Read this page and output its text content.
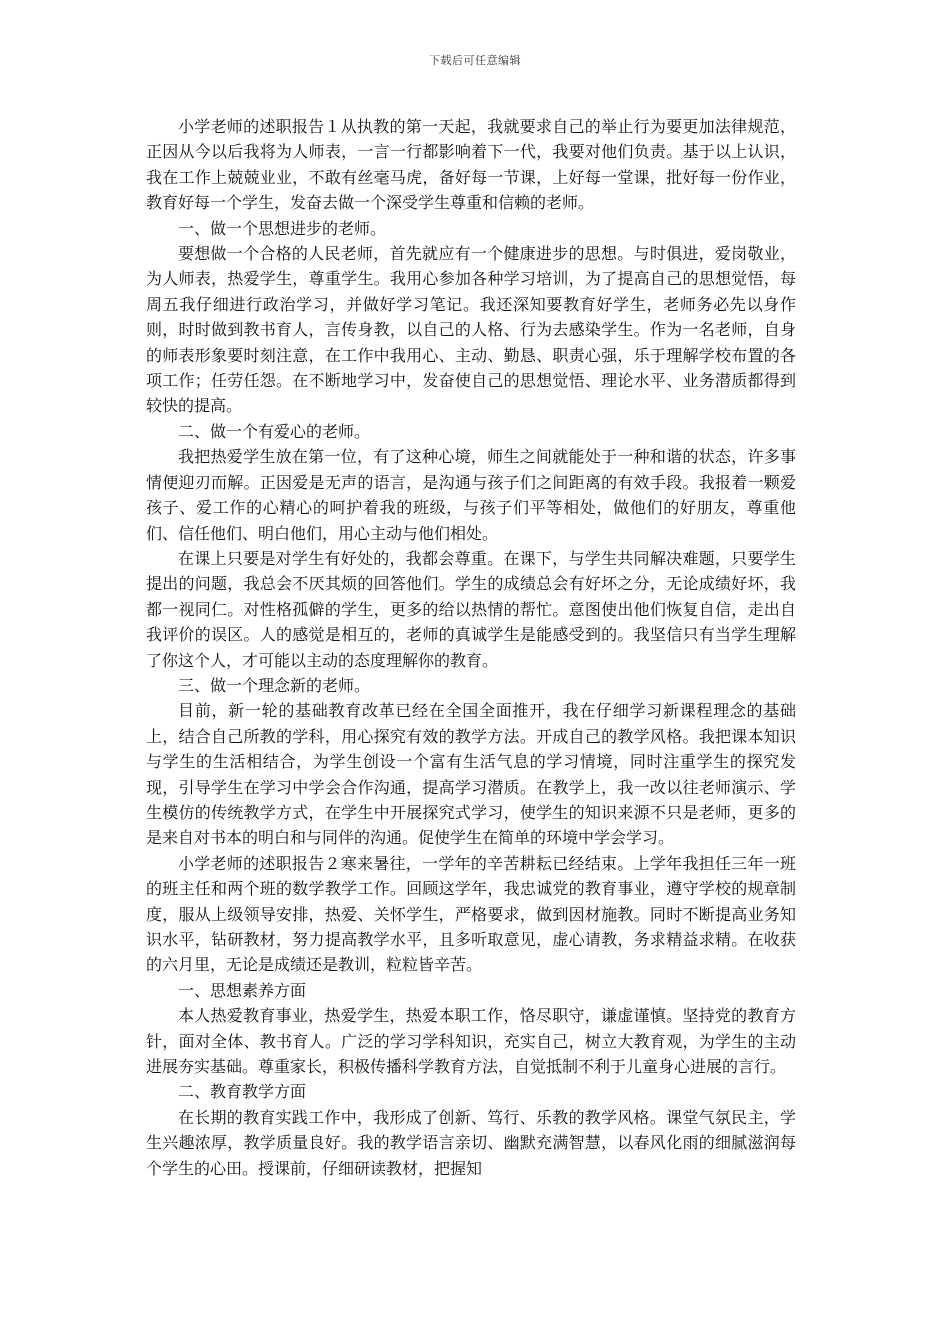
下载后可任意编辑

小学老师的述职报告１从执教的第一天起，我就要求自己的举止行为要更加法律规范，正因从今以后我将为人师表，一言一行都影响着下一代，我要对他们负责。基于以上认识，我在工作上兢兢业业，不敢有丝毫马虎，备好每一节课，上好每一堂课，批好每一份作业，教育好每一个学生，发奋去做一个深受学生尊重和信赖的老师。

一、做一个思想进步的老师。

要想做一个合格的人民老师，首先就应有一个健康进步的思想。与时俱进，爱岗敬业，为人师表，热爱学生，尊重学生。我用心参加各种学习培训，为了提高自己的思想觉悟，每周五我仔细进行政治学习，并做好学习笔记。我还深知要教育好学生，老师务必先以身作则，时时做到教书育人，言传身教，以自己的人格、行为去感染学生。作为一名老师，自身的师表形象要时刻注意，在工作中我用心、主动、勤恳、职责心强，乐于理解学校布置的各项工作；任劳任怨。在不断地学习中，发奋使自己的思想觉悟、理论水平、业务潜质都得到较快的提高。

二、做一个有爱心的老师。

我把热爱学生放在第一位，有了这种心境，师生之间就能处于一种和谐的状态，许多事情便迎刃而解。正因爱是无声的语言，是沟通与孩子们之间距离的有效手段。我报着一颗爱孩子、爱工作的心精心的呵护着我的班级，与孩子们平等相处，做他们的好朋友，尊重他们、信任他们、明白他们，用心主动与他们相处。

在课上只要是对学生有好处的，我都会尊重。在课下，与学生共同解决难题，只要学生提出的问题，我总会不厌其烦的回答他们。学生的成绩总会有好坏之分，无论成绩好坏，我都一视同仁。对性格孤僻的学生，更多的给以热情的帮忙。意图使出他们恢复自信，走出自我评价的误区。人的感觉是相互的，老师的真诚学生是能感受到的。我坚信只有当学生理解了你这个人，才可能以主动的态度理解你的教育。

三、做一个理念新的老师。

目前，新一轮的基础教育改革已经在全国全面推开，我在仔细学习新课程理念的基础上，结合自己所教的学科，用心探究有效的教学方法。开成自己的教学风格。我把课本知识与学生的生活相结合，为学生创设一个富有生活气息的学习情境，同时注重学生的探究发现，引导学生在学习中学会合作沟通，提高学习潜质。在教学上，我一改以往老师演示、学生模仿的传统教学方式，在学生中开展探究式学习，使学生的知识来源不只是老师，更多的是来自对书本的明白和与同伴的沟通。促使学生在简单的环境中学会学习。

小学老师的述职报告２寒来暑往，一学年的辛苦耕耘已经结束。上学年我担任三年一班的班主任和两个班的数学教学工作。回顾这学年，我忠诚党的教育事业，遵守学校的规章制度，服从上级领导安排，热爱、关怀学生，严格要求，做到因材施教。同时不断提高业务知识水平，钻研教材，努力提高教学水平，且多听取意见，虚心请教，务求精益求精。在收获的六月里，无论是成绩还是教训，粒粒皆辛苦。

一、思想素养方面

本人热爱教育事业，热爱学生，热爱本职工作，恪尽职守，谦虚谨慎。坚持党的教育方针，面对全体、教书育人。广泛的学习学科知识，充实自己，树立大教育观，为学生的主动进展夯实基础。尊重家长，积极传播科学教育方法，自觉抵制不利于儿童身心进展的言行。

二、教育教学方面

在长期的教育实践工作中，我形成了创新、笃行、乐教的教学风格。课堂气氛民主，学生兴趣浓厚，教学质量良好。我的教学语言亲切、幽默充满智慧，以春风化雨的细腻滋润每个学生的心田。授课前，仔细研读教材，把握知
